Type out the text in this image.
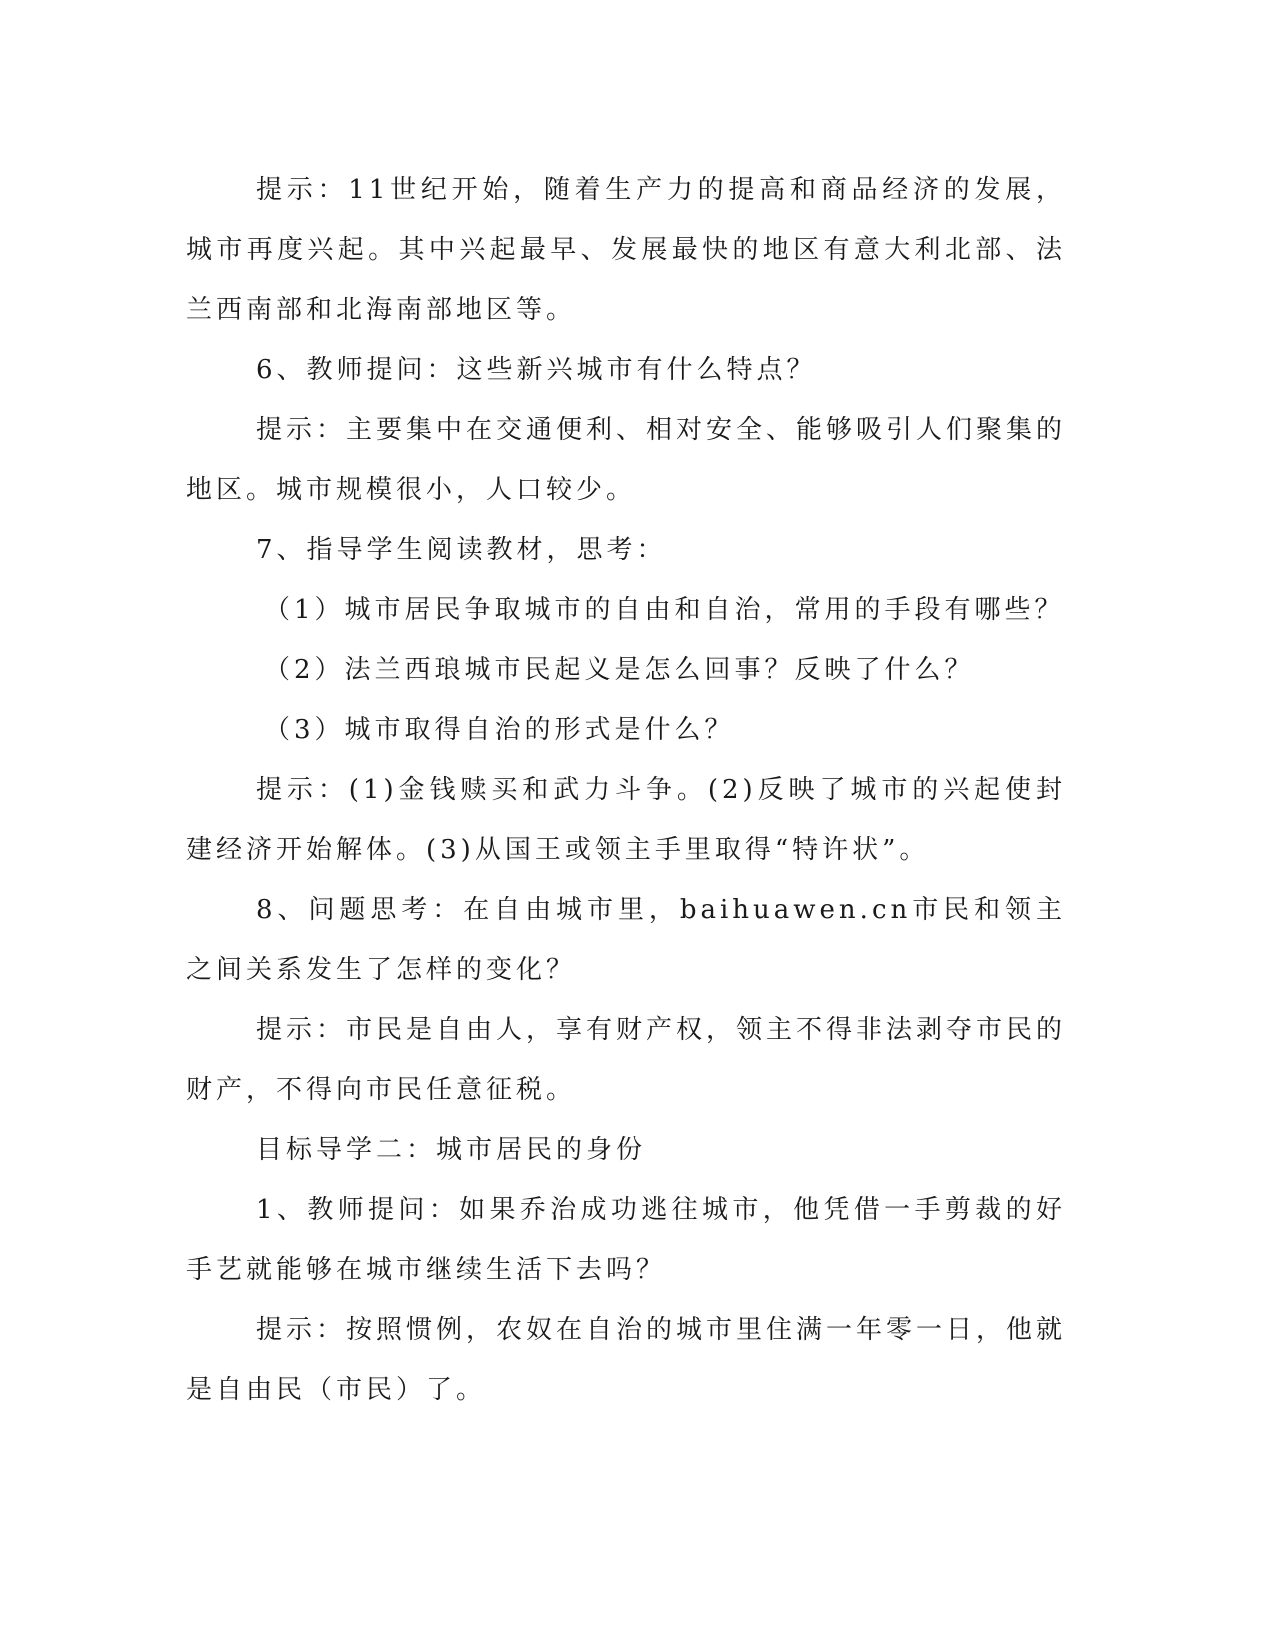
提示：11世纪开始，随着生产力的提高和商品经济的发展，城市再度兴起。其中兴起最早、发展最快的地区有意大利北部、法兰西南部和北海南部地区等。

6、教师提问：这些新兴城市有什么特点？

提示：主要集中在交通便利、相对安全、能够吸引人们聚集的地区。城市规模很小，人口较少。

7、指导学生阅读教材，思考：

（1）城市居民争取城市的自由和自治，常用的手段有哪些？

（2）法兰西琅城市民起义是怎么回事？反映了什么？

（3）城市取得自治的形式是什么？

提示：(1)金钱赎买和武力斗争。(2)反映了城市的兴起使封建经济开始解体。(3)从国王或领主手里取得“特许状”。

8、问题思考：在自由城市里，baihuawen.cn市民和领主之间关系发生了怎样的变化？

提示：市民是自由人，享有财产权，领主不得非法剥夺市民的财产，不得向市民任意征税。

目标导学二：城市居民的身份

1、教师提问：如果乔治成功逃往城市，他凭借一手剪裁的好手艺就能够在城市继续生活下去吗？

提示：按照惯例，农奴在自治的城市里住满一年零一日，他就是自由民（市民）了。
